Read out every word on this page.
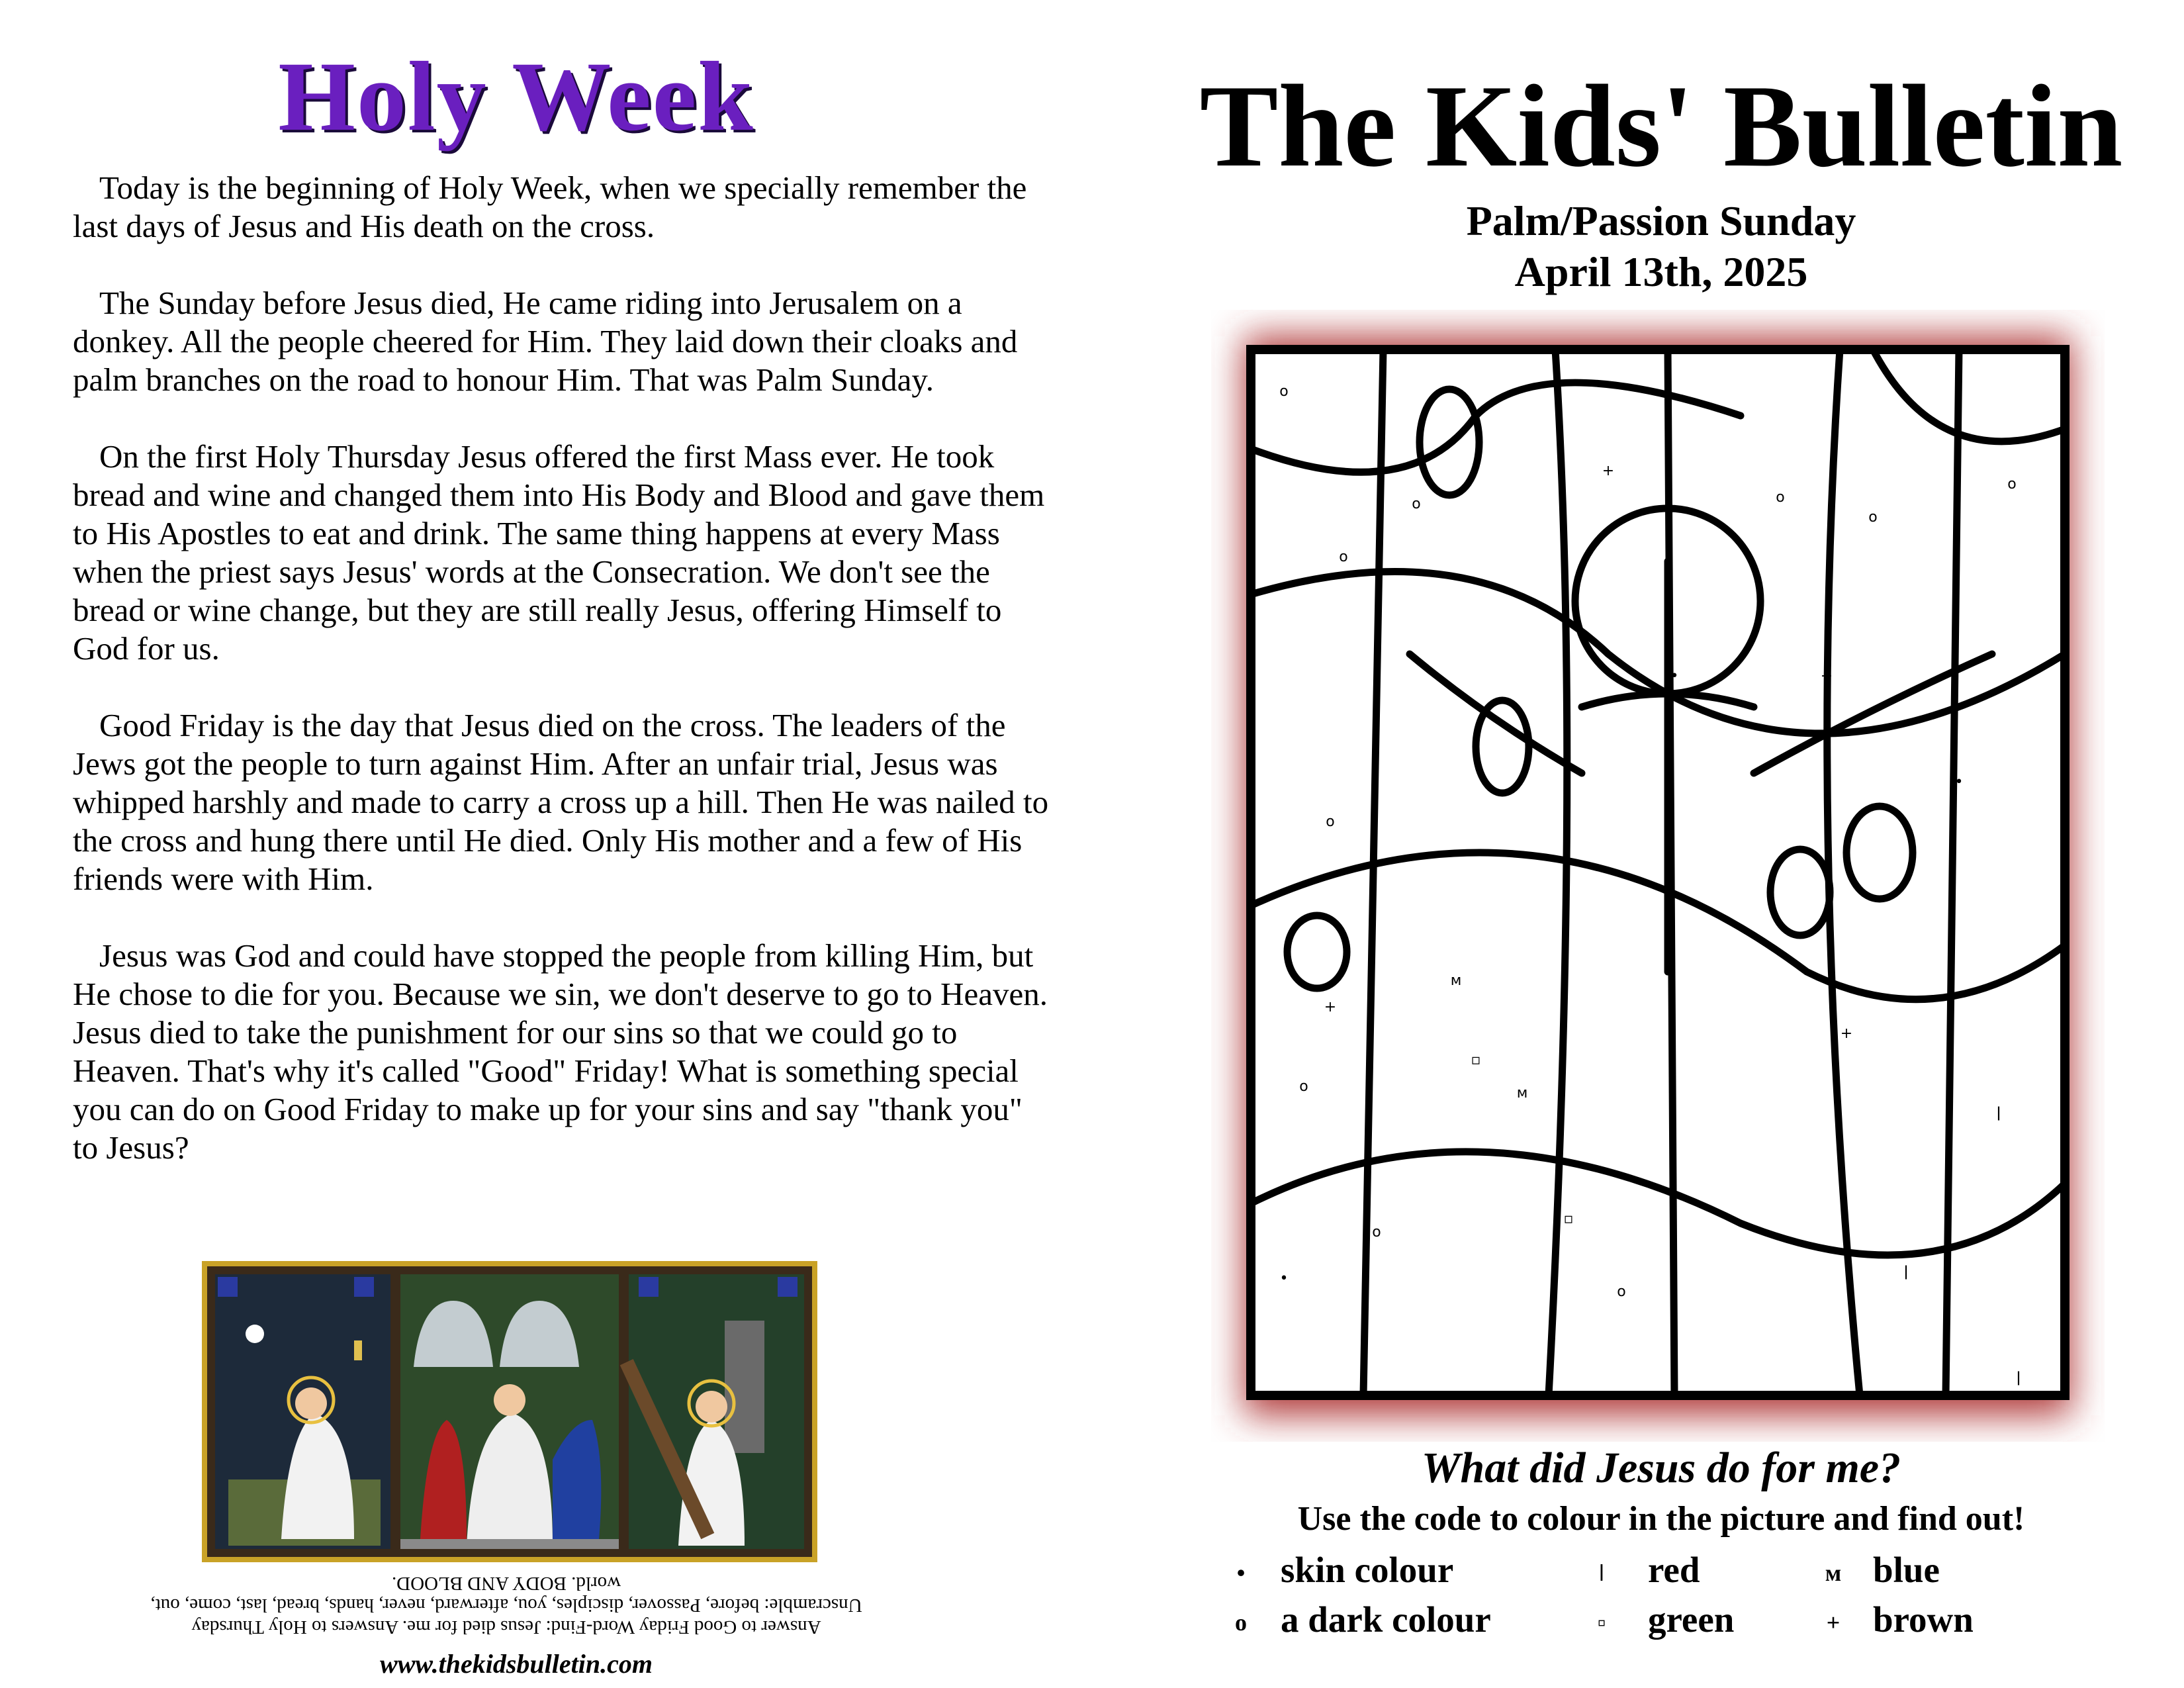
Holy Week

Today is the beginning of Holy Week, when we specially remember the last days of Jesus and His death on the cross.

The Sunday before Jesus died, He came riding into Jerusalem on a donkey. All the people cheered for Him. They laid down their cloaks and palm branches on the road to honour Him. That was Palm Sunday.

On the first Holy Thursday Jesus offered the first Mass ever. He took bread and wine and changed them into His Body and Blood and gave them to His Apostles to eat and drink. The same thing happens at every Mass when the priest says Jesus' words at the Consecration. We don't see the bread or wine change, but they are still really Jesus, offering Himself to God for us.

Good Friday is the day that Jesus died on the cross. The leaders of the Jews got the people to turn against Him. After an unfair trial, Jesus was whipped harshly and made to carry a cross up a hill. Then He was nailed to the cross and hung there until He died. Only His mother and a few of His friends were with Him.

Jesus was God and could have stopped the people from killing Him, but He chose to die for you. Because we sin, we don't deserve to go to Heaven. Jesus died to take the punishment for our sins so that we could go to Heaven. That's why it's called "Good" Friday! What is something special you can do on Good Friday to make up for your sins and say "thank you" to Jesus?

Answer to Good Friday Word-Find: Jesus died for me. Answers to Holy Thursday Unscramble: before, Passover, disciples, you, afterward, never, hands, bread, last, come, out, world. BODY AND BLOOD.
www.thekidsbulletin.com
The Kids' Bulletin
Palm/Passion Sunday
April 13th, 2025
o
o
o
+
o
o
o
o
+
•
•
o
▫
o
▫
ǀ
ǀ
ᴍ
ᴍ
+
+
•
o
ǀ
What did Jesus do for me?
Use the code to colour in the picture and find out!
• skin colour	ǀ	red	ᴍ blue
o a dark colour	▫	green	+ brown
